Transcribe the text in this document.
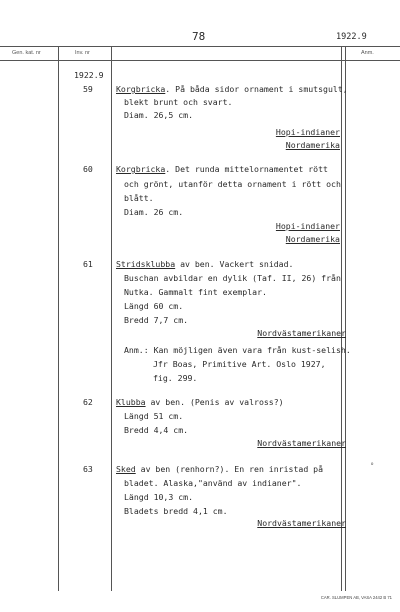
78	1922.9
Gen. kat. nr	Inv. nr	Anm.
1922.9
59	Korgbricka. På båda sidor ornament i smutsgult,
blekt brunt och svart.
Diam. 26,5 cm.
Hopi-indianer
Nordamerika
60	Korgbricka. Det runda mittelornamentet rött
och grönt, utanför detta ornament i rött och
blått.
Diam. 26 cm.
Hopi-indianer
Nordamerika
61	Stridsklubba av ben. Vackert snidad.
Buschan avbildar en dylik (Taf. II, 26) från
Nutka. Gammalt fint exemplar.
Längd 60 cm.
Bredd 7,7 cm.
Nordvästamerikaner
Anm.: Kan möjligen även vara från kust-selish.
Jfr Boas, Primitive Art. Oslo 1927,
fig. 299.
62	Klubba av ben. (Penis av valross?)
Längd 51 cm.
Bredd 4,4 cm.
Nordvästamerikaner
63	Sked av ben (renhorn?). En ren inristad på
bladet. Alaska,"använd av indianer".
Längd 10,3 cm.
Bladets bredd 4,1 cm.
Nordvästamerikaner
°
CAR. SLUMPEN AB, VASA 2442 B 71
